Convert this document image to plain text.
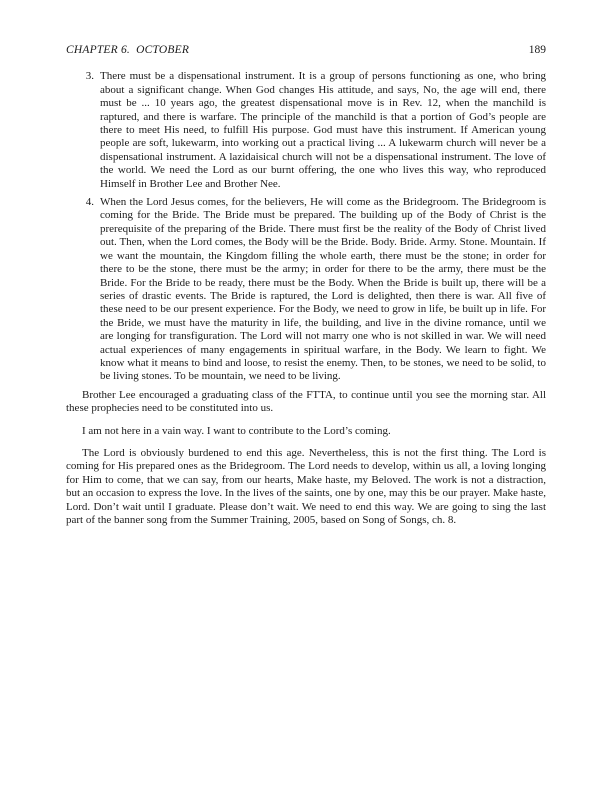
CHAPTER 6.  OCTOBER	189
3. There must be a dispensational instrument. It is a group of persons functioning as one, who bring about a significant change. When God changes His attitude, and says, No, the age will end, there must be ... 10 years ago, the greatest dispensational move is in Rev. 12, when the manchild is raptured, and there is warfare. The principle of the manchild is that a portion of God’s people are there to meet His need, to fulfill His purpose. God must have this instrument. If American young people are soft, lukewarm, into working out a practical living ... A lukewarm church will never be a dispensational instrument. A lazidaisical church will not be a dispensational instrument. The love of the world. We need the Lord as our burnt offering, the one who lives this way, who reproduced Himself in Brother Lee and Brother Nee.
4. When the Lord Jesus comes, for the believers, He will come as the Bridegroom. The Bridegroom is coming for the Bride. The Bride must be prepared. The building up of the Body of Christ is the prerequisite of the preparing of the Bride. There must first be the reality of the Body of Christ lived out. Then, when the Lord comes, the Body will be the Bride. Body. Bride. Army. Stone. Mountain. If we want the mountain, the Kingdom filling the whole earth, there must be the stone; in order for there to be the stone, there must be the army; in order for there to be the army, there must be the Bride. For the Bride to be ready, there must be the Body. When the Bride is built up, there will be a series of drastic events. The Bride is raptured, the Lord is delighted, then there is war. All five of these need to be our present experience. For the Body, we need to grow in life, be built up in life. For the Bride, we must have the maturity in life, the building, and live in the divine romance, until we are longing for transfiguration. The Lord will not marry one who is not skilled in war. We will need actual experiences of many engagements in spiritual warfare, in the Body. We learn to fight. We know what it means to bind and loose, to resist the enemy. Then, to be stones, we need to be solid, to be living stones. To be mountain, we need to be living.

Brother Lee encouraged a graduating class of the FTTA, to continue until you see the morning star. All these prophecies need to be constituted into us.

I am not here in a vain way. I want to contribute to the Lord’s coming.

The Lord is obviously burdened to end this age. Nevertheless, this is not the first thing. The Lord is coming for His prepared ones as the Bridegroom. The Lord needs to develop, within us all, a loving longing for Him to come, that we can say, from our hearts, Make haste, my Beloved. The work is not a distraction, but an occasion to express the love. In the lives of the saints, one by one, may this be our prayer. Make haste, Lord. Don’t wait until I graduate. Please don’t wait. We need to end this way. We are going to sing the last part of the banner song from the Summer Training, 2005, based on Song of Songs, ch. 8.
